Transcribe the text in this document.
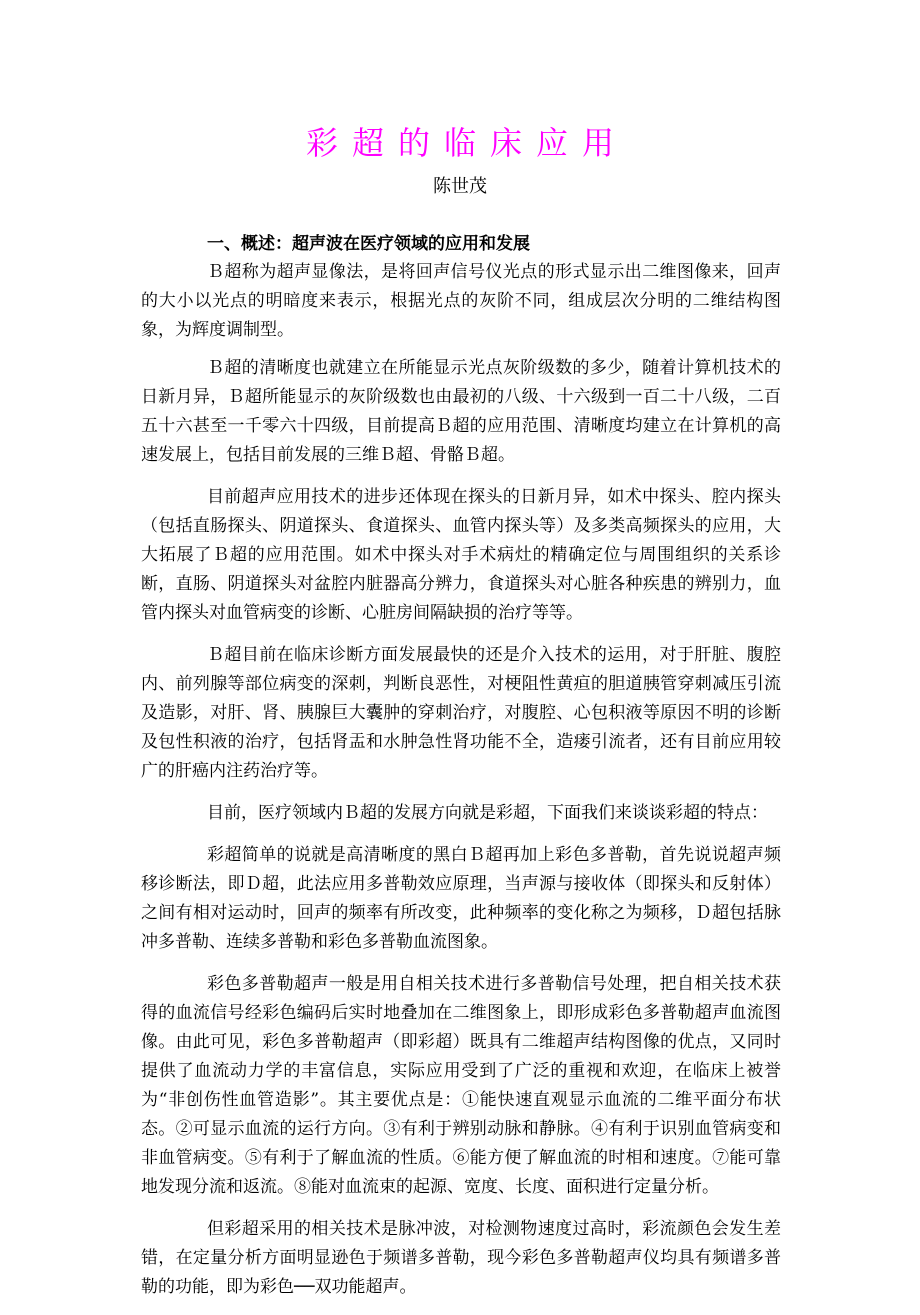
彩超的临床应用
陈世茂
一、概述：超声波在医疗领域的应用和发展

Ｂ超称为超声显像法，是将回声信号仪光点的形式显示出二维图像来，回声的大小以光点的明暗度来表示，根据光点的灰阶不同，组成层次分明的二维结构图象，为辉度调制型。

Ｂ超的清晰度也就建立在所能显示光点灰阶级数的多少，随着计算机技术的日新月异，Ｂ超所能显示的灰阶级数也由最初的八级、十六级到一百二十八级，二百五十六甚至一千零六十四级，目前提高Ｂ超的应用范围、清晰度均建立在计算机的高速发展上，包括目前发展的三维Ｂ超、骨骼Ｂ超。

目前超声应用技术的进步还体现在探头的日新月异，如术中探头、腔内探头（包括直肠探头、阴道探头、食道探头、血管内探头等）及多类高频探头的应用，大大拓展了Ｂ超的应用范围。如术中探头对手术病灶的精确定位与周围组织的关系诊断，直肠、阴道探头对盆腔内脏器高分辨力，食道探头对心脏各种疾患的辨别力，血管内探头对血管病变的诊断、心脏房间隔缺损的治疗等等。

Ｂ超目前在临床诊断方面发展最快的还是介入技术的运用，对于肝脏、腹腔内、前列腺等部位病变的深刺，判断良恶性，对梗阻性黄疸的胆道胰管穿刺减压引流及造影，对肝、肾、胰腺巨大囊肿的穿刺治疗，对腹腔、心包积液等原因不明的诊断及包性积液的治疗，包括肾盂和水肿急性肾功能不全，造瘘引流者，还有目前应用较广的肝癌内注药治疗等。

目前，医疗领域内Ｂ超的发展方向就是彩超，下面我们来谈谈彩超的特点：

彩超简单的说就是高清晰度的黑白Ｂ超再加上彩色多普勒，首先说说超声频移诊断法，即Ｄ超，此法应用多普勒效应原理，当声源与接收体（即探头和反射体）之间有相对运动时，回声的频率有所改变，此种频率的变化称之为频移，Ｄ超包括脉冲多普勒、连续多普勒和彩色多普勒血流图象。

彩色多普勒超声一般是用自相关技术进行多普勒信号处理，把自相关技术获得的血流信号经彩色编码后实时地叠加在二维图象上，即形成彩色多普勒超声血流图像。由此可见，彩色多普勒超声（即彩超）既具有二维超声结构图像的优点，又同时提供了血流动力学的丰富信息，实际应用受到了广泛的重视和欢迎，在临床上被誉为“非创伤性血管造影”。其主要优点是：①能快速直观显示血流的二维平面分布状态。②可显示血流的运行方向。③有利于辨别动脉和静脉。④有利于识别血管病变和非血管病变。⑤有利于了解血流的性质。⑥能方便了解血流的时相和速度。⑦能可靠地发现分流和返流。⑧能对血流束的起源、宽度、长度、面积进行定量分析。

但彩超采用的相关技术是脉冲波，对检测物速度过高时，彩流颜色会发生差错，在定量分析方面明显逊色于频谱多普勒，现今彩色多普勒超声仪均具有频谱多普勒的功能，即为彩色──双功能超声。
